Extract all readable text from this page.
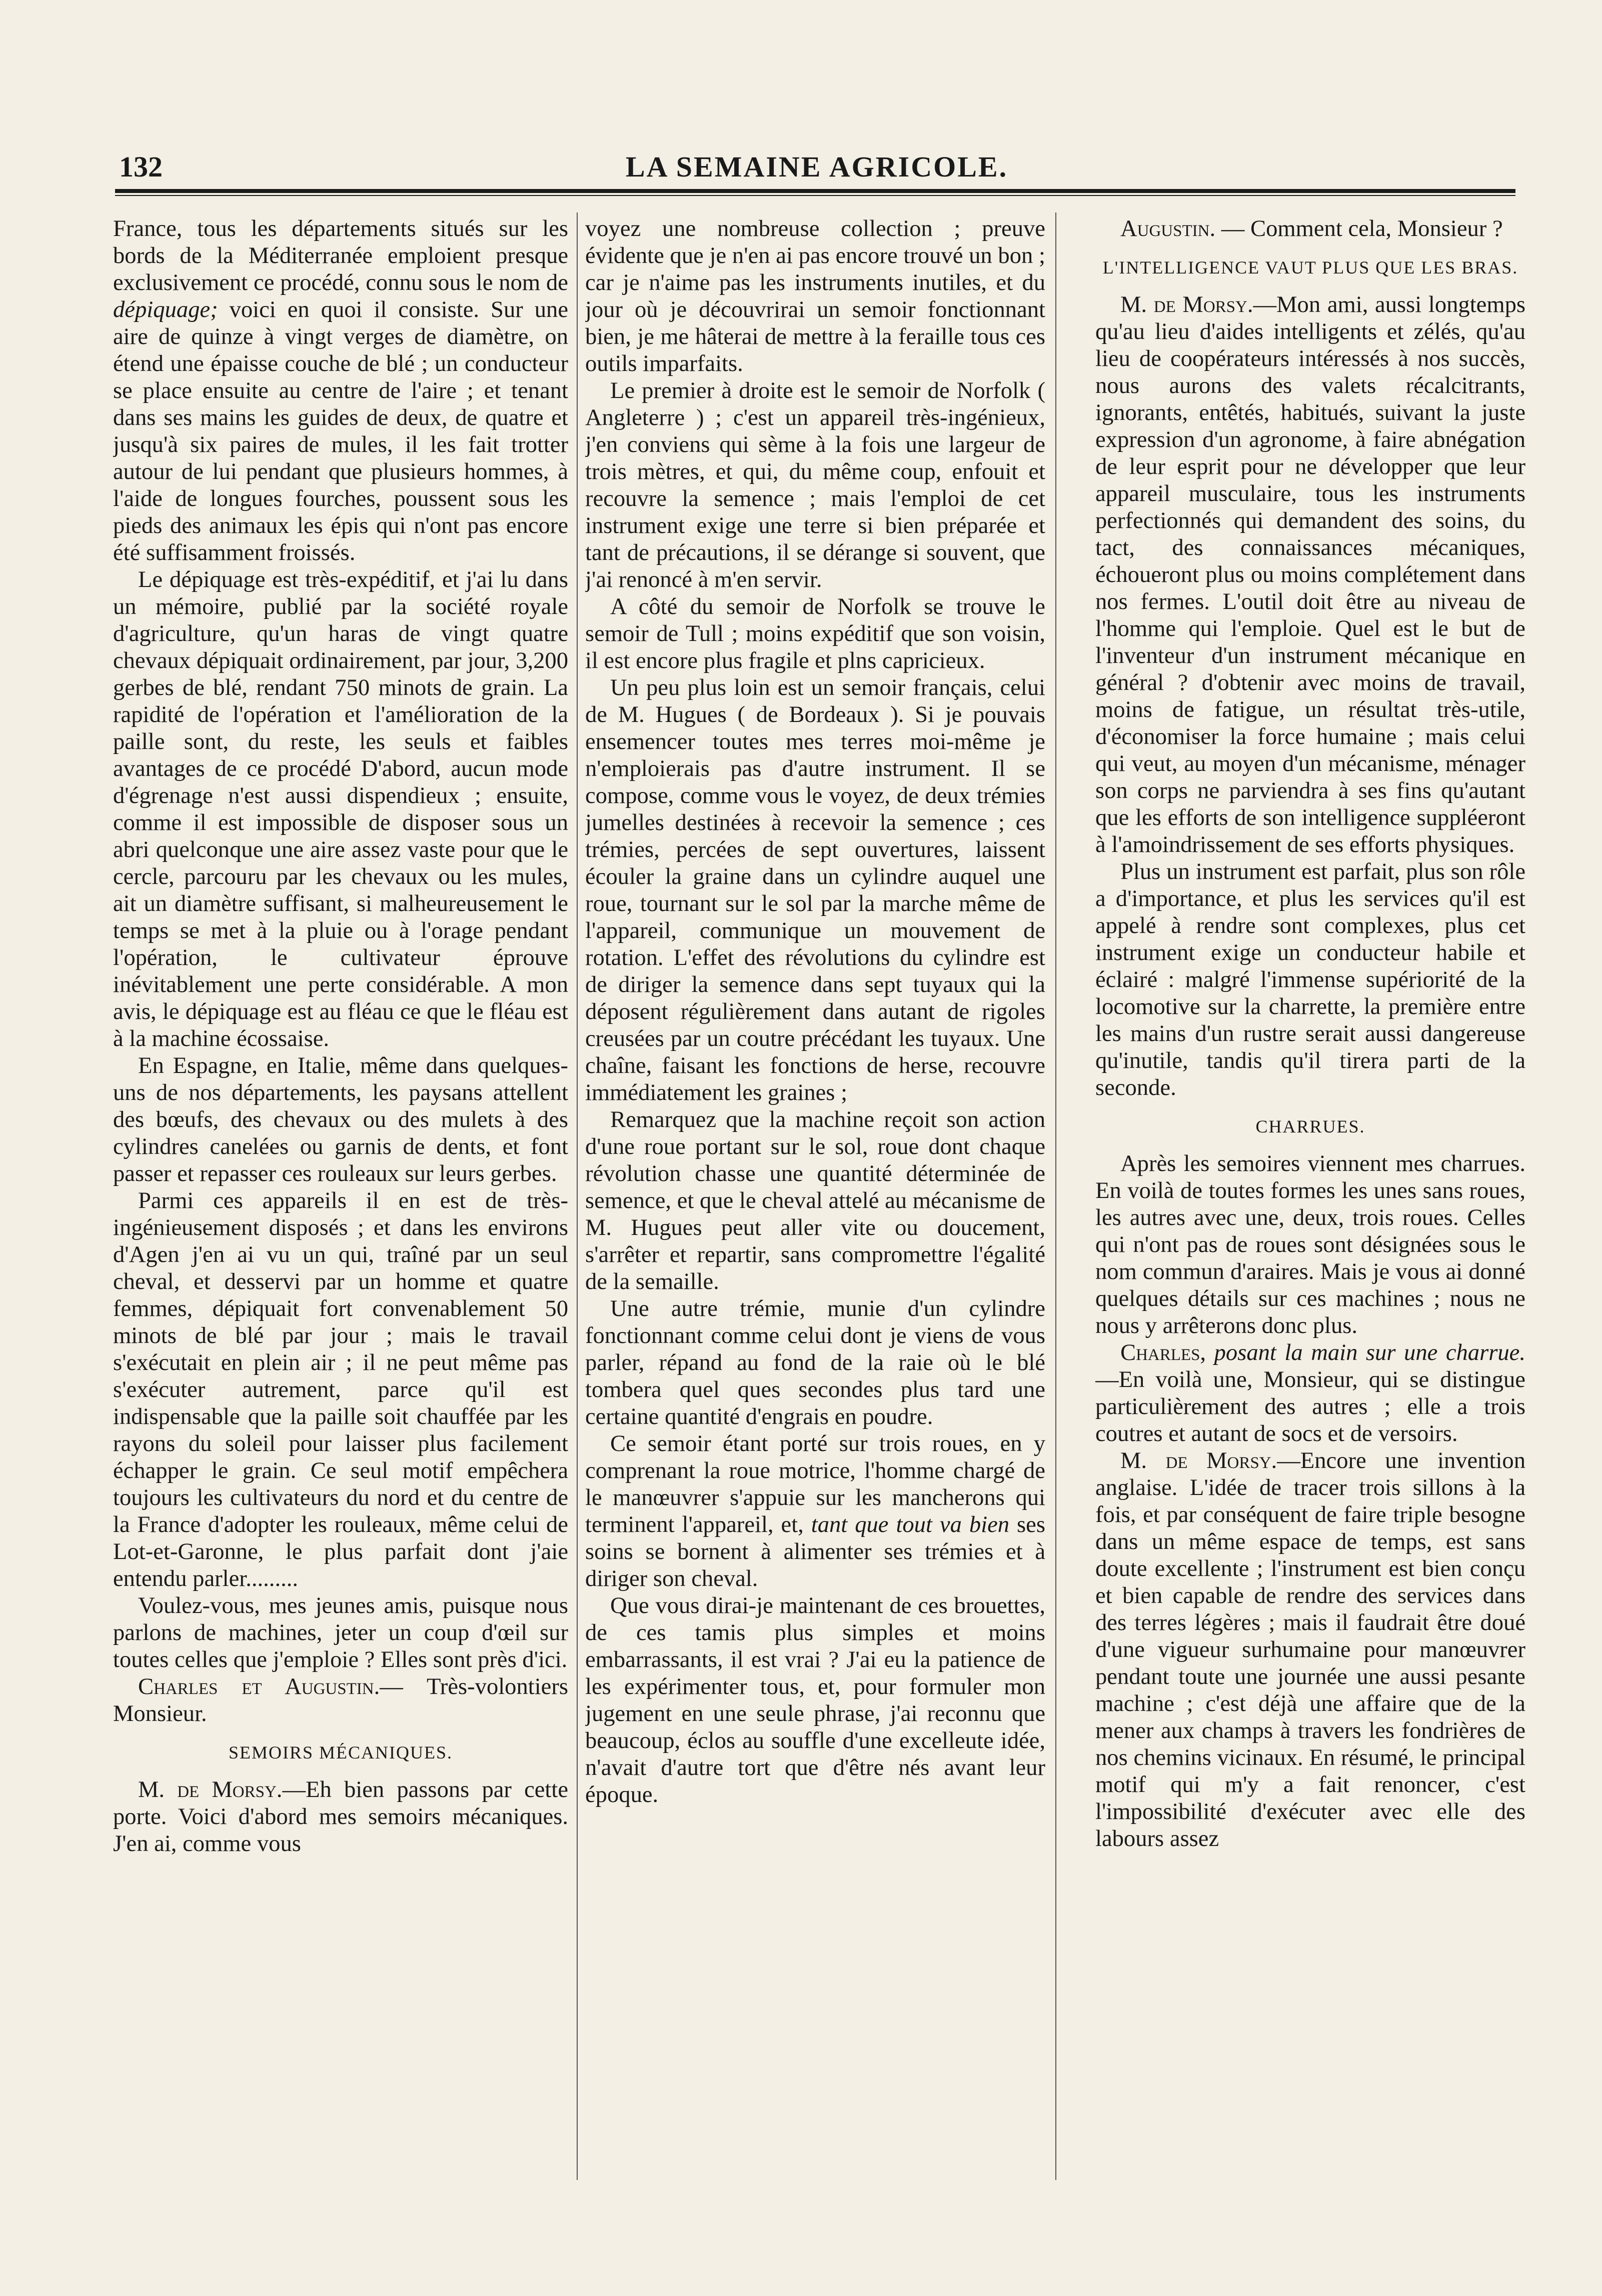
132	LA SEMAINE AGRICOLE.

France, tous les départements situés sur les bords de la Méditerranée emploient presque exclusivement ce procédé, connu sous le nom de dépiquage; voici en quoi il consiste. Sur une aire de quinze à vingt verges de diamètre, on étend une épaisse couche de blé ; un conducteur se place ensuite au centre de l'aire ; et tenant dans ses mains les guides de deux, de quatre et jusqu'à six paires de mules, il les fait trotter autour de lui pendant que plusieurs hommes, à l'aide de longues fourches, poussent sous les pieds des animaux les épis qui n'ont pas encore été suffisamment froissés.

Le dépiquage est très-expéditif, et j'ai lu dans un mémoire, publié par la société royale d'agriculture, qu'un haras de vingt quatre chevaux dépiquait ordinairement, par jour, 3,200 gerbes de blé, rendant 750 minots de grain. La rapidité de l'opération et l'amélioration de la paille sont, du reste, les seuls et faibles avantages de ce procédé D'abord, aucun mode d'égrenage n'est aussi dispendieux ; ensuite, comme il est impossible de disposer sous un abri quelconque une aire assez vaste pour que le cercle, parcouru par les chevaux ou les mules, ait un diamètre suffisant, si malheureusement le temps se met à la pluie ou à l'orage pendant l'opération, le cultivateur éprouve inévitablement une perte considérable. A mon avis, le dépiquage est au fléau ce que le fléau est à la machine écossaise.

En Espagne, en Italie, même dans quelques-uns de nos départements, les paysans attellent des bœufs, des chevaux ou des mulets à des cylindres canelées ou garnis de dents, et font passer et repasser ces rouleaux sur leurs gerbes.

Parmi ces appareils il en est de très-ingénieusement disposés ; et dans les environs d'Agen j'en ai vu un qui, traîné par un seul cheval, et desservi par un homme et quatre femmes, dépiquait fort convenablement 50 minots de blé par jour ; mais le travail s'exécutait en plein air ; il ne peut même pas s'exécuter autrement, parce qu'il est indispensable que la paille soit chauffée par les rayons du soleil pour laisser plus facilement échapper le grain. Ce seul motif empêchera toujours les cultivateurs du nord et du centre de la France d'adopter les rouleaux, même celui de Lot-et-Garonne, le plus parfait dont j'aie entendu parler.........

Voulez-vous, mes jeunes amis, puisque nous parlons de machines, jeter un coup d'œil sur toutes celles que j'emploie ? Elles sont près d'ici.

Charles et Augustin.— Très-volontiers Monsieur.

SEMOIRS MÉCANIQUES.

M. de Morsy.—Eh bien passons par cette porte. Voici d'abord mes semoirs mécaniques. J'en ai, comme vous

voyez une nombreuse collection ; preuve évidente que je n'en ai pas encore trouvé un bon ; car je n'aime pas les instruments inutiles, et du jour où je découvrirai un semoir fonctionnant bien, je me hâterai de mettre à la feraille tous ces outils imparfaits.

Le premier à droite est le semoir de Norfolk ( Angleterre ) ; c'est un appareil très-ingénieux, j'en conviens qui sème à la fois une largeur de trois mètres, et qui, du même coup, enfouit et recouvre la semence ; mais l'emploi de cet instrument exige une terre si bien préparée et tant de précautions, il se dérange si souvent, que j'ai renoncé à m'en servir.

A côté du semoir de Norfolk se trouve le semoir de Tull ; moins expéditif que son voisin, il est encore plus fragile et plns capricieux.

Un peu plus loin est un semoir français, celui de M. Hugues ( de Bordeaux ). Si je pouvais ensemencer toutes mes terres moi-même je n'emploierais pas d'autre instrument. Il se compose, comme vous le voyez, de deux trémies jumelles destinées à recevoir la semence ; ces trémies, percées de sept ouvertures, laissent écouler la graine dans un cylindre auquel une roue, tournant sur le sol par la marche même de l'appareil, communique un mouvement de rotation. L'effet des révolutions du cylindre est de diriger la semence dans sept tuyaux qui la déposent régulièrement dans autant de rigoles creusées par un coutre précédant les tuyaux. Une chaîne, faisant les fonctions de herse, recouvre immédiatement les graines ;

Remarquez que la machine reçoit son action d'une roue portant sur le sol, roue dont chaque révolution chasse une quantité déterminée de semence, et que le cheval attelé au mécanisme de M. Hugues peut aller vite ou doucement, s'arrêter et repartir, sans compromettre l'égalité de la semaille.

Une autre trémie, munie d'un cylindre fonctionnant comme celui dont je viens de vous parler, répand au fond de la raie où le blé tombera quel ques secondes plus tard une certaine quantité d'engrais en poudre.

Ce semoir étant porté sur trois roues, en y comprenant la roue motrice, l'homme chargé de le manœuvrer s'appuie sur les mancherons qui terminent l'appareil, et, tant que tout va bien ses soins se bornent à alimenter ses trémies et à diriger son cheval.

Que vous dirai-je maintenant de ces brouettes, de ces tamis plus simples et moins embarrassants, il est vrai ? J'ai eu la patience de les expérimenter tous, et, pour formuler mon jugement en une seule phrase, j'ai reconnu que beaucoup, éclos au souffle d'une excelleute idée, n'avait d'autre tort que d'être nés avant leur époque.

Augustin. — Comment cela, Monsieur ?

L'INTELLIGENCE VAUT PLUS QUE LES BRAS.

M. de Morsy.—Mon ami, aussi longtemps qu'au lieu d'aides intelligents et zélés, qu'au lieu de coopérateurs intéressés à nos succès, nous aurons des valets récalcitrants, ignorants, entêtés, habitués, suivant la juste expression d'un agronome, à faire abnégation de leur esprit pour ne développer que leur appareil musculaire, tous les instruments perfectionnés qui demandent des soins, du tact, des connaissances mécaniques, échoueront plus ou moins complétement dans nos fermes. L'outil doit être au niveau de l'homme qui l'emploie. Quel est le but de l'inventeur d'un instrument mécanique en général ? d'obtenir avec moins de travail, moins de fatigue, un résultat très-utile, d'économiser la force humaine ; mais celui qui veut, au moyen d'un mécanisme, ménager son corps ne parviendra à ses fins qu'autant que les efforts de son intelligence suppléeront à l'amoindrissement de ses efforts physiques.

Plus un instrument est parfait, plus son rôle a d'importance, et plus les services qu'il est appelé à rendre sont complexes, plus cet instrument exige un conducteur habile et éclairé : malgré l'immense supériorité de la locomotive sur la charrette, la première entre les mains d'un rustre serait aussi dangereuse qu'inutile, tandis qu'il tirera parti de la seconde.

CHARRUES.

Après les semoires viennent mes charrues. En voilà de toutes formes les unes sans roues, les autres avec une, deux, trois roues. Celles qui n'ont pas de roues sont désignées sous le nom commun d'araires. Mais je vous ai donné quelques détails sur ces machines ; nous ne nous y arrêterons donc plus.

Charles, posant la main sur une charrue.—En voilà une, Monsieur, qui se distingue particulièrement des autres ; elle a trois coutres et autant de socs et de versoirs.

M. de Morsy.—Encore une invention anglaise. L'idée de tracer trois sillons à la fois, et par conséquent de faire triple besogne dans un même espace de temps, est sans doute excellente ; l'instrument est bien conçu et bien capable de rendre des services dans des terres légères ; mais il faudrait être doué d'une vigueur surhumaine pour manœuvrer pendant toute une journée une aussi pesante machine ; c'est déjà une affaire que de la mener aux champs à travers les fondrières de nos chemins vicinaux. En résumé, le principal motif qui m'y a fait renoncer, c'est l'impossibilité d'exécuter avec elle des labours assez
